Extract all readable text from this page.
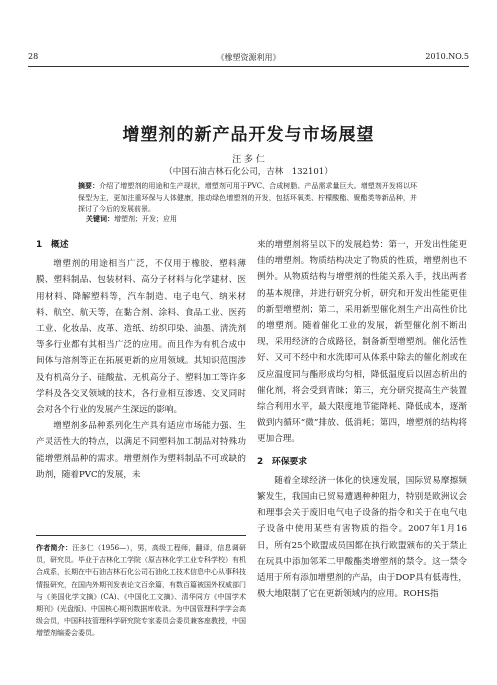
28	《橡塑资源利用》	2010.NO.5
增塑剂的新产品开发与市场展望
汪 多 仁
（中国石油吉林石化公司，吉林　132101）
摘要：介绍了增塑剂的用途和生产现状，增塑剂可用于PVC、合成树脂、产品需求量巨大。增塑剂开发将以环保型为主，更加注重环保与人体健康，推动绿色增塑剂的开发，包括环氧类、柠檬酸酯、聚酯类等新品种，并探讨了今后的发展前景。
关键词：增塑剂；开发；应用
1　概述

增塑剂的用途相当广泛，不仅用于橡胶、塑料薄膜、塑料制品、包装材料、高分子材料与化学建材、医用材料、降解塑料等，汽车制造、电子电气、纳米材料、航空、航天等，在黏合剂、涂料、食品工业、医药工业、化妆品、皮革、造纸、纺织印染、油墨、清洗剂等多行业都有其相当广泛的应用。而且作为有机合成中间体与溶剂等正在拓展更新的应用领域。其知识范围涉及有机高分子、硅酸盐、无机高分子、塑料加工等许多学科及各交叉领域的技术，各行业相互渗透、交叉同时会对各个行业的发展产生深远的影响。

增塑剂多品种系列化生产具有适应市场能力强、生产灵活性大的特点，以满足不同塑料加工制品对特殊功能增塑剂品种的需求。增塑剂作为塑料制品不可或缺的助剂，随着PVC的发展，未

来的增塑剂将呈以下的发展趋势：第一，开发出性能更佳的增塑剂。物质结构决定了物质的性质，增塑剂也不例外。从物质结构与增塑剂的性能关系入手，找出两者的基本规律，并进行研究分析，研究和开发出性能更佳的新型增塑剂；第二，采用新型催化剂生产出高性价比的增塑剂。随着催化工业的发展，新型催化剂不断出现，采用经济的合成路径，制备新型增塑剂。催化活性好、又可不经中和水洗即可从体系中除去的催化剂或在反应温度同与酯形成均匀相，降低温度后以固态析出的催化剂，将会受到青睐；第三，充分研究提高生产装置综合利用水平，最大限度地节能降耗、降低成本，逐渐做到内循环“微”排放、低消耗；第四，增塑剂的结构将更加合理。

2　环保要求

随着全球经济一体化的快速发展，国际贸易摩擦频繁发生，我国由已贸易遭遇种种阻力，特别是欧洲议会和理事会关于废旧电气电子设备的指令和关于在电气电子设备中使用某些有害物质的指令。2007年1月16日，所有25个欧盟成员国都在执行欧盟颁布的关于禁止在玩具中添加邻苯二甲酸酯类增塑剂的禁令。这一禁令适用于所有添加增塑剂的产品，由于DOP具有低毒性，极大地限制了它在更新领域内的应用。ROHS指

作者简介：汪多仁（1956—），男，高级工程师，翻译，信息调研员，研究员。毕业于吉林化工学院（原吉林化学工业专科学校）有机合成系，长期在中石油吉林石化公司石油化工技术信息中心从事科技情报研究，在国内外期刊发表论文百余篇，有数百篇被国外权威部门与《美国化学文摘》(CA)、《中国化工文摘》、清华同方《中国学术期刊》(光盘版)、中国核心期刊数据库收录。为中国管理科学学会高级会员，中国科技管理科学研究院专家委员会委员兼客座教授，中国增塑剂编委会委员。
